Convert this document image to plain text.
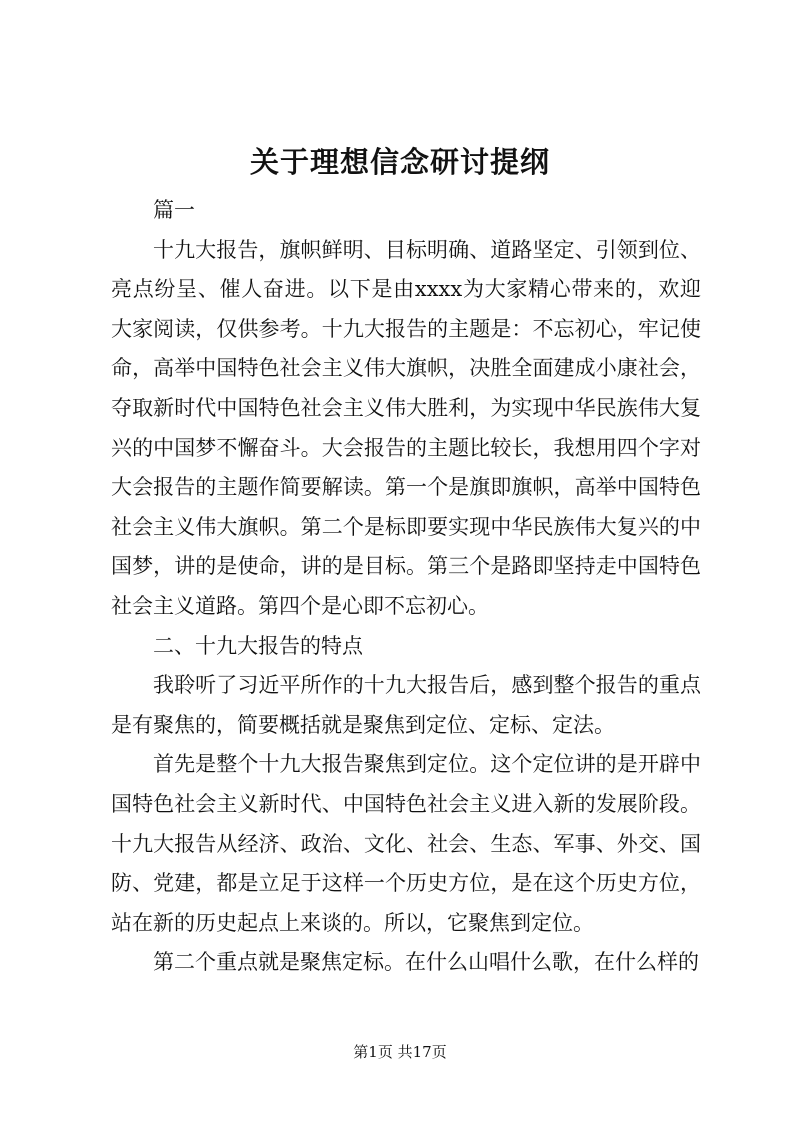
关于理想信念研讨提纲

篇一

十九大报告，旗帜鲜明、目标明确、道路坚定、引领到位、亮点纷呈、催人奋进。以下是由xxxx为大家精心带来的，欢迎大家阅读，仅供参考。十九大报告的主题是：不忘初心，牢记使命，高举中国特色社会主义伟大旗帜，决胜全面建成小康社会，夺取新时代中国特色社会主义伟大胜利，为实现中华民族伟大复兴的中国梦不懈奋斗。大会报告的主题比较长，我想用四个字对大会报告的主题作简要解读。第一个是旗即旗帜，高举中国特色社会主义伟大旗帜。第二个是标即要实现中华民族伟大复兴的中国梦，讲的是使命，讲的是目标。第三个是路即坚持走中国特色社会主义道路。第四个是心即不忘初心。

二、十九大报告的特点

我聆听了习近平所作的十九大报告后，感到整个报告的重点是有聚焦的，简要概括就是聚焦到定位、定标、定法。

首先是整个十九大报告聚焦到定位。这个定位讲的是开辟中国特色社会主义新时代、中国特色社会主义进入新的发展阶段。十九大报告从经济、政治、文化、社会、生态、军事、外交、国防、党建，都是立足于这样一个历史方位，是在这个历史方位，站在新的历史起点上来谈的。所以，它聚焦到定位。

第二个重点就是聚焦定标。在什么山唱什么歌，在什么样的

第1页 共17页
